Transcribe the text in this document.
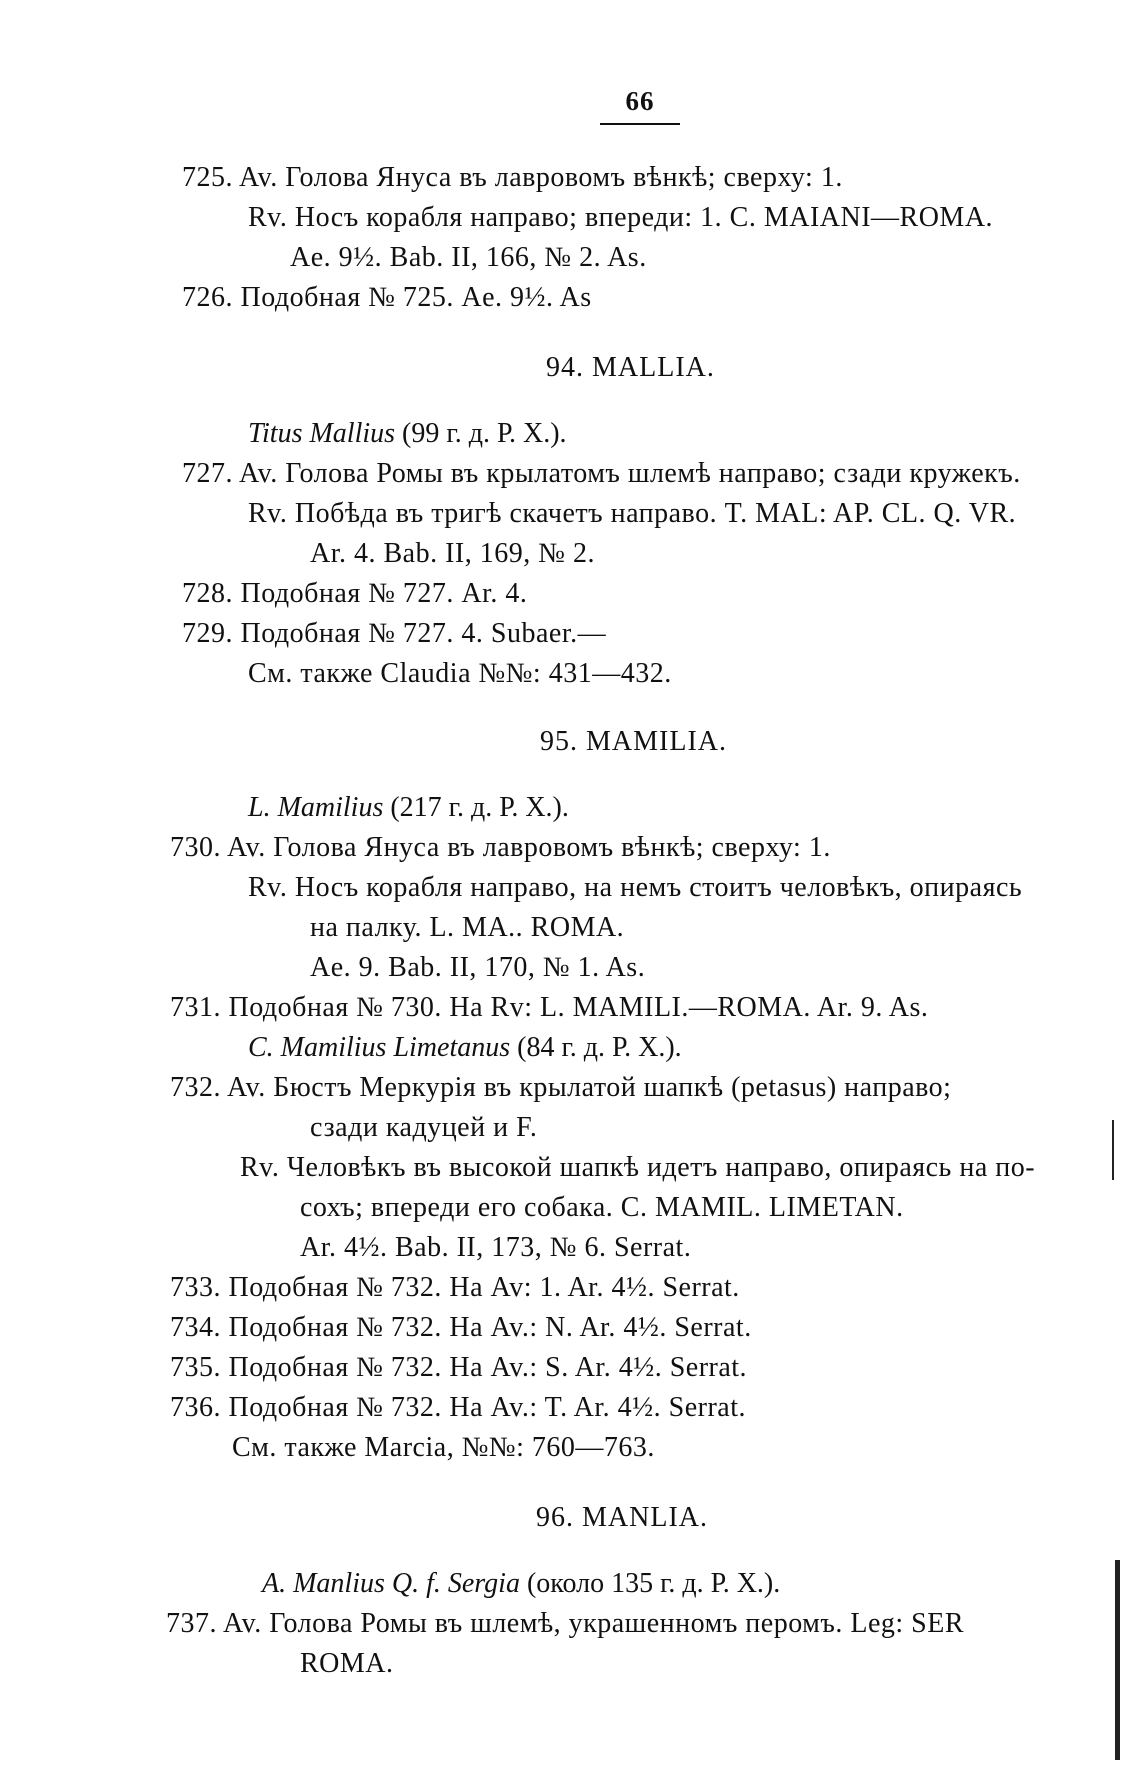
66
725. Av. Голова Януса въ лавровомъ вѣнкѣ; сверху: 1.
Rv. Носъ корабля направо; впереди: 1. C. MAIANI—ROMA.
Ae. 9½. Bab. II, 166, № 2. As.
726. Подобная № 725. Ae. 9½. As
94. MALLIA.
Titus Mallius (99 г. д. Р. Х.).
727. Av. Голова Ромы въ крылатомъ шлемѣ направо; сзади кружекъ.
Rv. Побѣда въ тригѣ скачетъ направо. T. MAL: AP. CL. Q. VR.
Ar. 4. Bab. II, 169, № 2.
728. Подобная № 727. Ar. 4.
729. Подобная № 727. 4. Subaer.—
См. также Claudia №№: 431—432.
95. MAMILIA.
L. Mamilius (217 г. д. Р. Х.).
730. Av. Голова Януса въ лавровомъ вѣнкѣ; сверху: 1.
Rv. Носъ корабля направо, на немъ стоитъ человѣкъ, опираясь
на палку. L. MA.. ROMA.
Ae. 9. Bab. II, 170, № 1. As.
731. Подобная № 730. На Rv: L. MAMILI.—ROMA. Ar. 9. As.
C. Mamilius Limetanus (84 г. д. Р. Х.).
732. Av. Бюстъ Меркурія въ крылатой шапкѣ (petasus) направо;
сзади кадуцей и F.
Rv. Человѣкъ въ высокой шапкѣ идетъ направо, опираясь на по-
сохъ; впереди его собака. C. MAMIL. LIMETAN.
Ar. 4½. Bab. II, 173, № 6. Serrat.
733. Подобная № 732. На Av: 1. Ar. 4½. Serrat.
734. Подобная № 732. На Av.: N. Ar. 4½. Serrat.
735. Подобная № 732. На Av.: S. Ar. 4½. Serrat.
736. Подобная № 732. На Av.: T. Ar. 4½. Serrat.
См. также Marcia, №№: 760—763.
96. MANLIA.
A. Manlius Q. f. Sergia (около 135 г. д. Р. Х.).
737. Av. Голова Ромы въ шлемѣ, украшенномъ перомъ. Leg: SER
ROMA.
